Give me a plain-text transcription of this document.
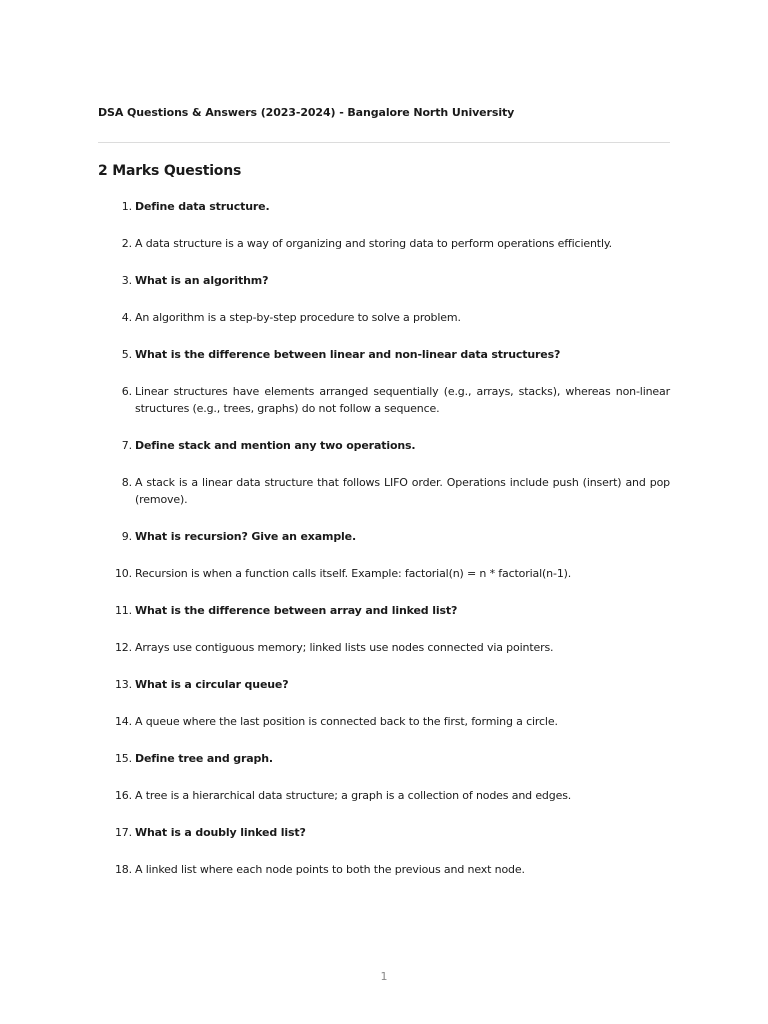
DSA Questions & Answers (2023-2024) - Bangalore North University
2 Marks Questions
1. Define data structure.
2. A data structure is a way of organizing and storing data to perform operations efficiently.
3. What is an algorithm?
4. An algorithm is a step-by-step procedure to solve a problem.
5. What is the difference between linear and non-linear data structures?
6. Linear structures have elements arranged sequentially (e.g., arrays, stacks), whereas non-linear structures (e.g., trees, graphs) do not follow a sequence.
7. Define stack and mention any two operations.
8. A stack is a linear data structure that follows LIFO order. Operations include push (insert) and pop (remove).
9. What is recursion? Give an example.
10. Recursion is when a function calls itself. Example: factorial(n) = n * factorial(n-1).
11. What is the difference between array and linked list?
12. Arrays use contiguous memory; linked lists use nodes connected via pointers.
13. What is a circular queue?
14. A queue where the last position is connected back to the first, forming a circle.
15. Define tree and graph.
16. A tree is a hierarchical data structure; a graph is a collection of nodes and edges.
17. What is a doubly linked list?
18. A linked list where each node points to both the previous and next node.
1
